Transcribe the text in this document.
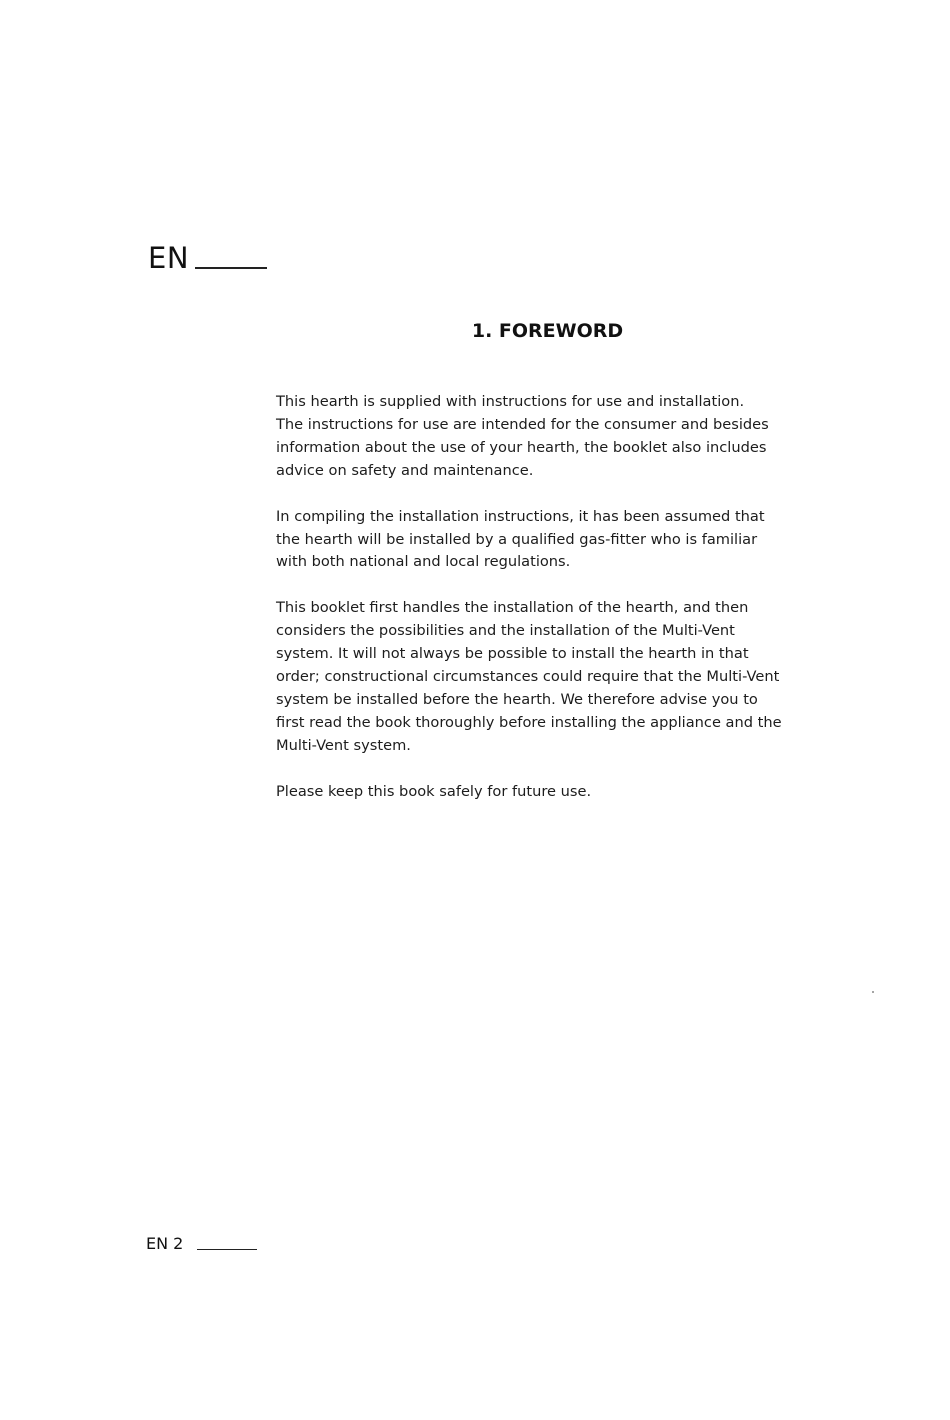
EN
1. FOREWORD

This hearth is supplied with instructions for use and installation.
The instructions for use are intended for the consumer and besides
information about the use of your hearth, the booklet also includes
advice on safety and maintenance.

In compiling the installation instructions, it has been assumed that
the hearth will be installed by a qualified gas-fitter who is familiar
with both national and local regulations.

This booklet first handles the installation of the hearth, and then
considers the possibilities and the installation of the Multi-Vent
system. It will not always be possible to install the hearth in that
order; constructional circumstances could require that the Multi-Vent
system be installed before the hearth. We therefore advise you to
first read the book thoroughly before installing the appliance and the
Multi-Vent system.

Please keep this book safely for future use.

EN 2
